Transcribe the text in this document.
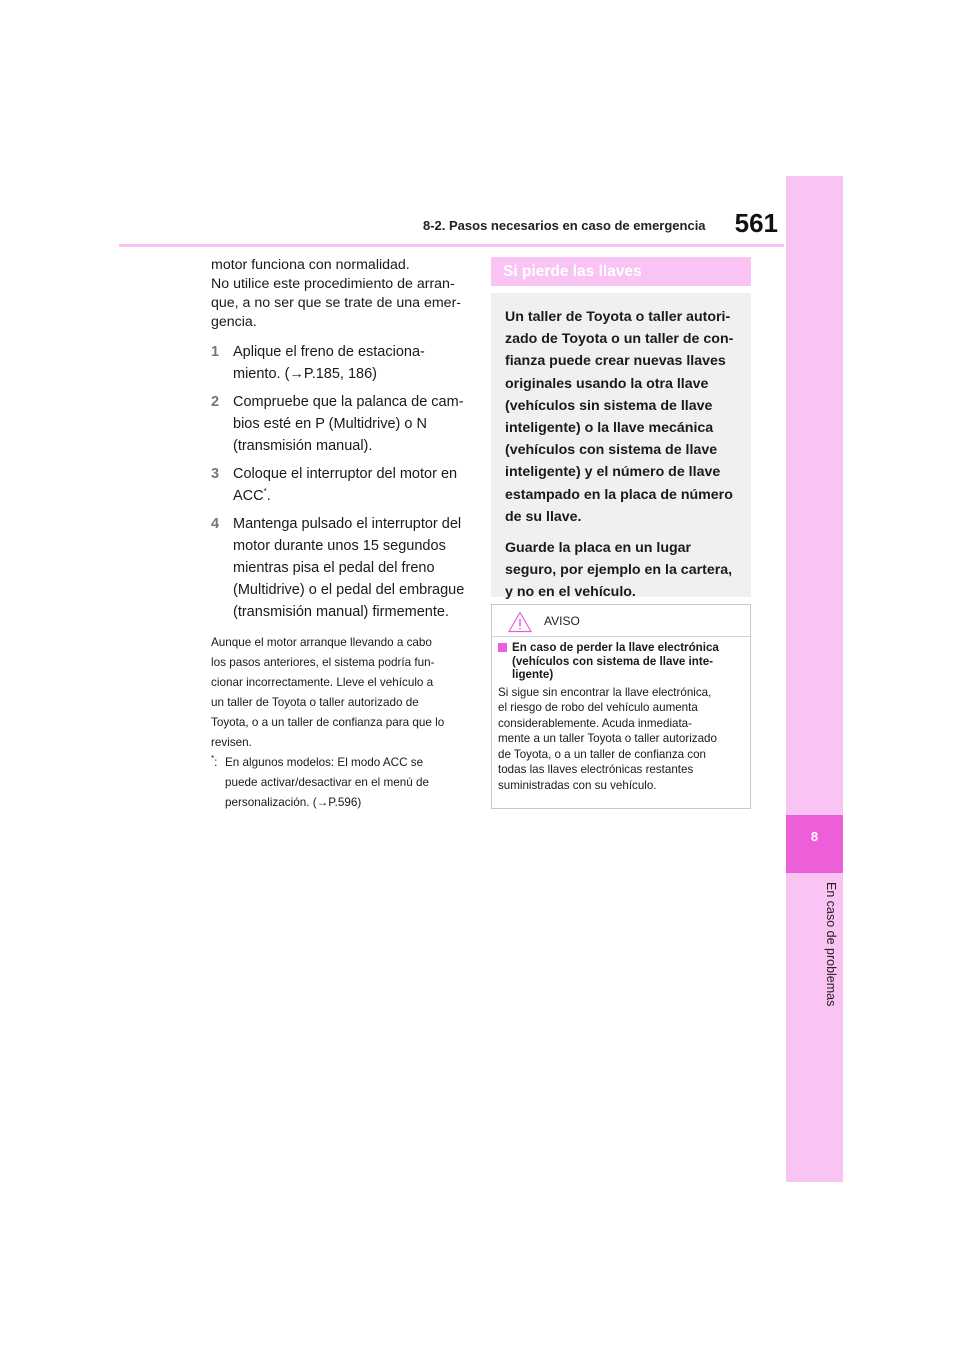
8
En caso de problemas
8-2. Pasos necesarios en caso de emergencia	561

motor funciona con normalidad.
No utilice este procedimiento de arran-
que, a no ser que se trate de una emer-
gencia.

1 Aplique el freno de estaciona-
miento. (→P.185, 186)
2 Compruebe que la palanca de cam-
bios esté en P (Multidrive) o N
(transmisión manual).
3 Coloque el interruptor del motor en
ACC*.
4 Mantenga pulsado el interruptor del
motor durante unos 15 segundos
mientras pisa el pedal del freno
(Multidrive) o el pedal del embrague
(transmisión manual) firmemente.

Aunque el motor arranque llevando a cabo
los pasos anteriores, el sistema podría fun-
cionar incorrectamente. Lleve el vehículo a
un taller de Toyota o taller autorizado de
Toyota, o a un taller de confianza para que lo
revisen.

*: En algunos modelos: El modo ACC se
puede activar/desactivar en el menú de
personalización. (→P.596)
Si pierde las llaves

Un taller de Toyota o taller autori-
zado de Toyota o un taller de con-
fianza puede crear nuevas llaves
originales usando la otra llave
(vehículos sin sistema de llave
inteligente) o la llave mecánica
(vehículos con sistema de llave
inteligente) y el número de llave
estampado en la placa de número
de su llave.

Guarde la placa en un lugar
seguro, por ejemplo en la cartera,
y no en el vehículo.

AVISO
En caso de perder la llave electrónica
(vehículos con sistema de llave inte-
ligente)

Si sigue sin encontrar la llave electrónica,
el riesgo de robo del vehículo aumenta
considerablemente. Acuda inmediata-
mente a un taller Toyota o taller autorizado
de Toyota, o a un taller de confianza con
todas las llaves electrónicas restantes
suministradas con su vehículo.
